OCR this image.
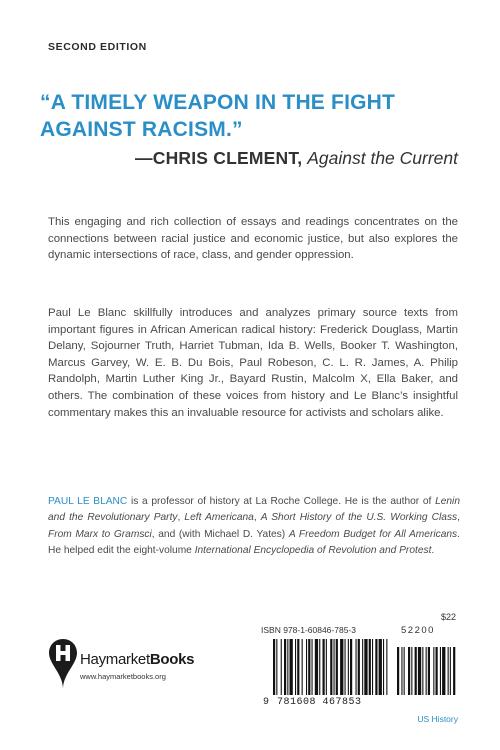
SECOND EDITION
“A TIMELY WEAPON IN THE FIGHT AGAINST RACISM.”
—CHRIS CLEMENT, Against the Current
This engaging and rich collection of essays and readings concentrates on the connections between racial justice and economic justice, but also explores the dynamic intersections of race, class, and gender oppression.
Paul Le Blanc skillfully introduces and analyzes primary source texts from important figures in African American radical history: Frederick Douglass, Martin Delany, Sojourner Truth, Harriet Tubman, Ida B. Wells, Booker T. Washington, Marcus Garvey, W. E. B. Du Bois, Paul Robeson, C. L. R. James, A. Philip Randolph, Martin Luther King Jr., Bayard Rustin, Malcolm X, Ella Baker, and others. The combination of these voices from history and Le Blanc’s insightful commentary makes this an invaluable resource for activists and scholars alike.
PAUL LE BLANC is a professor of history at La Roche College. He is the author of Lenin and the Revolutionary Party, Left Americana, A Short History of the U.S. Working Class, From Marx to Gramsci, and (with Michael D. Yates) A Freedom Budget for All Americans. He helped edit the eight-volume International Encyclopedia of Revolution and Protest.
HaymarketBooks
www.haymarketbooks.org
$22
ISBN 978-1-60846-785-3	52200
9 781608 467853
US History
